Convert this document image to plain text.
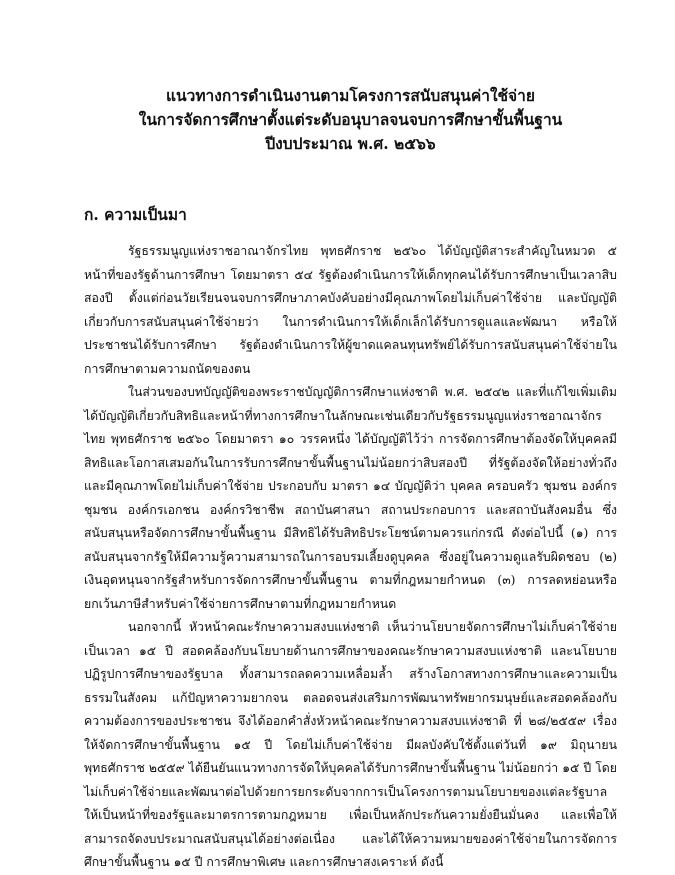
แนวทางการดำเนินงานตามโครงการสนับสนุนค่าใช้จ่าย
ในการจัดการศึกษาตั้งแต่ระดับอนุบาลจนจบการศึกษาขั้นพื้นฐาน
ปีงบประมาณ พ.ศ. ๒๕๖๖
ก. ความเป็นมา

รัฐธรรมนูญแห่งราชอาณาจักรไทย พุทธศักราช ๒๕๖๐ ได้บัญญัติสาระสำคัญในหมวด ๕ หน้าที่ของรัฐด้านการศึกษา โดยมาตรา ๕๔ รัฐต้องดำเนินการให้เด็กทุกคนได้รับการศึกษาเป็นเวลาสิบสองปี ตั้งแต่ก่อนวัยเรียนจนจบการศึกษาภาคบังคับอย่างมีคุณภาพโดยไม่เก็บค่าใช้จ่าย และบัญญัติเกี่ยวกับการสนับสนุนค่าใช้จ่ายว่า ในการดำเนินการให้เด็กเล็กได้รับการดูแลและพัฒนา หรือให้ประชาชนได้รับการศึกษา รัฐต้องดำเนินการให้ผู้ขาดแคลนทุนทรัพย์ได้รับการสนับสนุนค่าใช้จ่ายในการศึกษาตามความถนัดของตน

ในส่วนของบทบัญญัติของพระราชบัญญัติการศึกษาแห่งชาติ พ.ศ. ๒๕๔๒ และที่แก้ไขเพิ่มเติม ได้บัญญัติเกี่ยวกับสิทธิและหน้าที่ทางการศึกษาในลักษณะเช่นเดียวกับรัฐธรรมนูญแห่งราชอาณาจักรไทย พุทธศักราช ๒๕๖๐ โดยมาตรา ๑๐ วรรคหนึ่ง ได้บัญญัติไว้ว่า การจัดการศึกษาต้องจัดให้บุคคลมีสิทธิและโอกาสเสมอกันในการรับการศึกษาขั้นพื้นฐานไม่น้อยกว่าสิบสองปี ที่รัฐต้องจัดให้อย่างทั่วถึงและมีคุณภาพโดยไม่เก็บค่าใช้จ่าย ประกอบกับ มาตรา ๑๔ บัญญัติว่า บุคคล ครอบครัว ชุมชน องค์กรชุมชน องค์กรเอกชน องค์กรวิชาชีพ สถาบันศาสนา สถานประกอบการ และสถาบันสังคมอื่น ซึ่งสนับสนุนหรือจัดการศึกษาขั้นพื้นฐาน มีสิทธิได้รับสิทธิประโยชน์ตามควรแก่กรณี ดังต่อไปนี้ (๑) การสนับสนุนจากรัฐให้มีความรู้ความสามารถในการอบรมเลี้ยงดูบุคคล ซึ่งอยู่ในความดูแลรับผิดชอบ (๒) เงินอุดหนุนจากรัฐสำหรับการจัดการศึกษาขั้นพื้นฐาน ตามที่กฎหมายกำหนด (๓) การลดหย่อนหรือยกเว้นภาษีสำหรับค่าใช้จ่ายการศึกษาตามที่กฎหมายกำหนด

นอกจากนี้ หัวหน้าคณะรักษาความสงบแห่งชาติ เห็นว่านโยบายจัดการศึกษาไม่เก็บค่าใช้จ่าย เป็นเวลา ๑๕ ปี สอดคล้องกับนโยบายด้านการศึกษาของคณะรักษาความสงบแห่งชาติ และนโยบายปฏิรูปการศึกษาของรัฐบาล ทั้งสามารถลดความเหลื่อมล้ำ สร้างโอกาสทางการศึกษาและความเป็นธรรมในสังคม แก้ปัญหาความยากจน ตลอดจนส่งเสริมการพัฒนาทรัพยากรมนุษย์และสอดคล้องกับความต้องการของประชาชน จึงได้ออกคำสั่งหัวหน้าคณะรักษาความสงบแห่งชาติ ที่ ๒๘/๒๕๕๙ เรื่อง ให้จัดการศึกษาขั้นพื้นฐาน ๑๕ ปี โดยไม่เก็บค่าใช้จ่าย มีผลบังคับใช้ตั้งแต่วันที่ ๑๙ มิถุนายน พุทธศักราช ๒๕๕๙ ได้ยืนยันแนวทางการจัดให้บุคคลได้รับการศึกษาขั้นพื้นฐาน ไม่น้อยกว่า ๑๕ ปี โดยไม่เก็บค่าใช้จ่ายและพัฒนาต่อไปด้วยการยกระดับจากการเป็นโครงการตามนโยบายของแต่ละรัฐบาลให้เป็นหน้าที่ของรัฐและมาตรการตามกฎหมาย เพื่อเป็นหลักประกันความยั่งยืนมั่นคง และเพื่อให้สามารถจัดงบประมาณสนับสนุนได้อย่างต่อเนื่อง และได้ให้ความหมายของค่าใช้จ่ายในการจัดการศึกษาขั้นพื้นฐาน ๑๕ ปี การศึกษาพิเศษ และการศึกษาสงเคราะห์ ดังนี้
